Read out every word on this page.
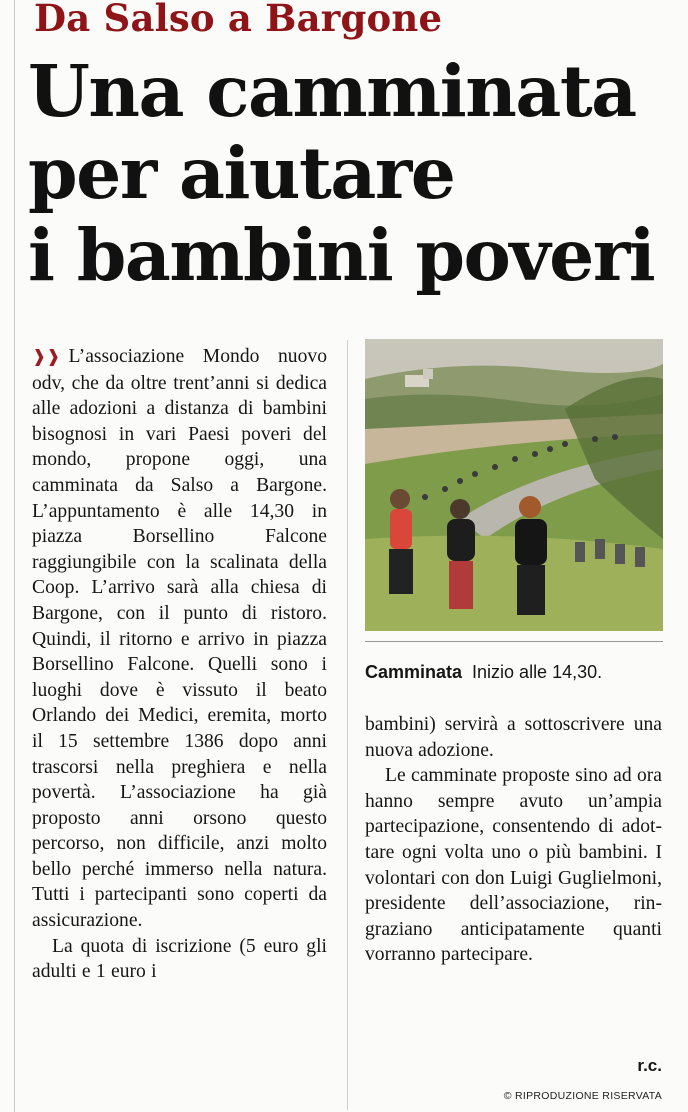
Da Salso a Bargone
Una camminata
per aiutare
i bambini poveri

❱❱ L’associazione Mondo nuovo odv, che da oltre trent’anni si dedica alle adozioni a distanza di bambini bisognosi in vari Paesi poveri del mondo, propone oggi, una camminata da Salso a Bargone. L’appuntamento è alle 14,30 in piazza Borsellino Falcone raggiungibile con la scalinata della Coop. L’arrivo sarà alla chiesa di Bargone, con il punto di ristoro. Quindi, il ritorno e arrivo in piazza Borsellino Falcone. Quelli sono i luoghi dove è vissuto il beato Orlando dei Medici, eremita, morto il 15 settembre 1386 dopo anni trascorsi nella preghiera e nella povertà. L’associazione ha già proposto anni orsono questo percorso, non difficile, anzi molto bello perché immerso nella natura. Tutti i partecipanti sono coperti da assicurazione.

La quota di iscrizione (5 euro gli adulti e 1 euro i

Camminata Inizio alle 14,30.

bambini) servirà a sottoscrivere una nuova adozione.

Le camminate proposte sino ad ora hanno sempre avuto un’ampia partecipazione, consentendo di adottare ogni volta uno o più bambini. I volontari con don Luigi Guglielmoni, presidente dell’associazione, ringraziano anticipatamente quanti vorranno partecipare.

r.c.
© RIPRODUZIONE RISERVATA
